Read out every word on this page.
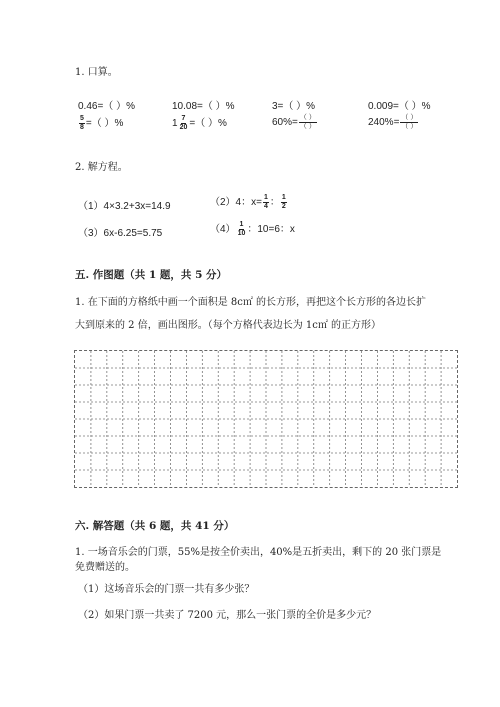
1. 口算。
0.46=（ ）%	10.08=（ ）%	3=（ ）%	0.009=（ ）%
$\frac{5}{8}$ =（ ）%	$1 \frac{7}{20}$ =（ ）%	$60\%= \frac{( )}{( )}$	$240\%= \frac{( )}{( )}$
2. 解方程。
（1）4×3.2+3x=14.9	（2）4：$x= \frac{1}{4}$ ： $\frac{1}{2}$
（3）6x-6.25=5.75	$(4) \frac{1}{10}$ ：10=6：x
五. 作图题（共 1 题，共 5 分）
1. 在下面的方格纸中画一个面积是 8c㎡ 的长方形，再把这个长方形的各边长扩
大到原来的 2 倍，画出图形。（每个方格代表边长为 1c㎡ 的正方形）
六. 解答题（共 6 题，共 41 分）
1. 一场音乐会的门票，55%是按全价卖出，40%是五折卖出，剩下的 20 张门票是
免费赠送的。
（1）这场音乐会的门票一共有多少张？
（2）如果门票一共卖了 7200 元，那么一张门票的全价是多少元？
